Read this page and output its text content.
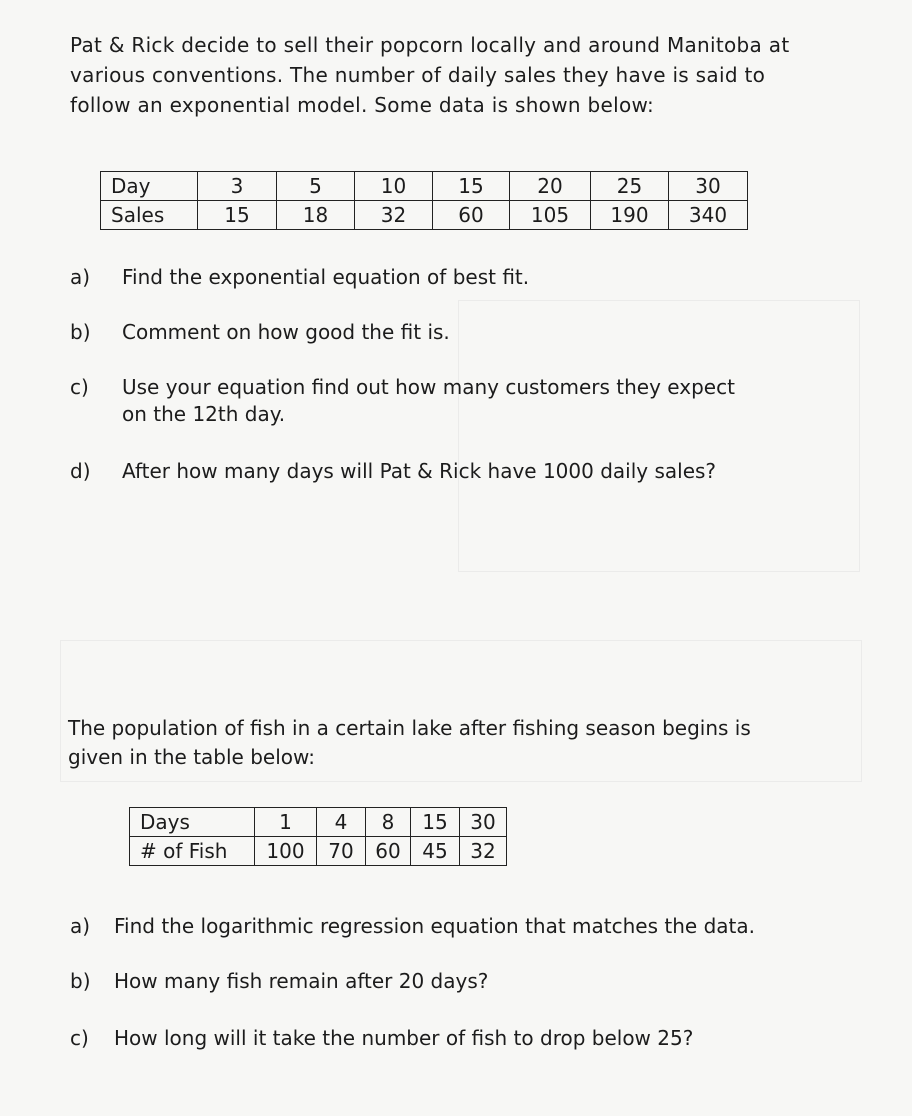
Pat & Rick decide to sell their popcorn locally and around Manitoba at

various conventions. The number of daily sales they have is said to

follow an exponential model. Some data is shown below:

Day	3	5	10	15	20	25	30
Sales	15	18	32	60	105	190	340
a) Find the exponential equation of best fit.
b) Comment on how good the fit is.
c) Use your equation find out how many customers they expect
on the 12th day.
d) After how many days will Pat & Rick have 1000 daily sales?

The population of fish in a certain lake after fishing season begins is

given in the table below:

Days	1	4	8	15	30
# of Fish	100	70	60	45	32
a) Find the logarithmic regression equation that matches the data.
b) How many fish remain after 20 days?
c) How long will it take the number of fish to drop below 25?
